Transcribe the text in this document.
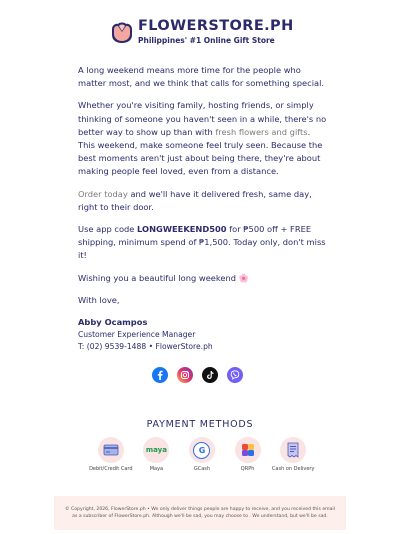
FLOWERSTORE.PH
Philippines' #1 Online Gift Store

A long weekend means more time for the people who matter most, and we think that calls for something special.

Whether you're visiting family, hosting friends, or simply thinking of someone you haven't seen in a while, there's no better way to show up than with fresh flowers and gifts. This weekend, make someone feel truly seen. Because the best moments aren't just about being there, they're about making people feel loved, even from a distance.

Order today and we'll have it delivered fresh, same day, right to their door.

Use app code LONGWEEKEND500 for ₱500 off + FREE shipping, minimum spend of ₱1,500. Today only, don't miss it!

Wishing you a beautiful long weekend 🌸

With love,

Abby Ocampos
Customer Experience Manager
T: (02) 9539-1488 • FlowerStore.ph
PAYMENT METHODS
Debit/Credit Card
maya
Maya
G
GCash	QRPh	Cash on Delivery

© Copyright, 2026, FlowerStore.ph • We only deliver things people are happy to receive, and you received this email as a subscriber of FlowerStore.ph. Although we'll be sad, you may choose to . We understand, but we'll be sad.
